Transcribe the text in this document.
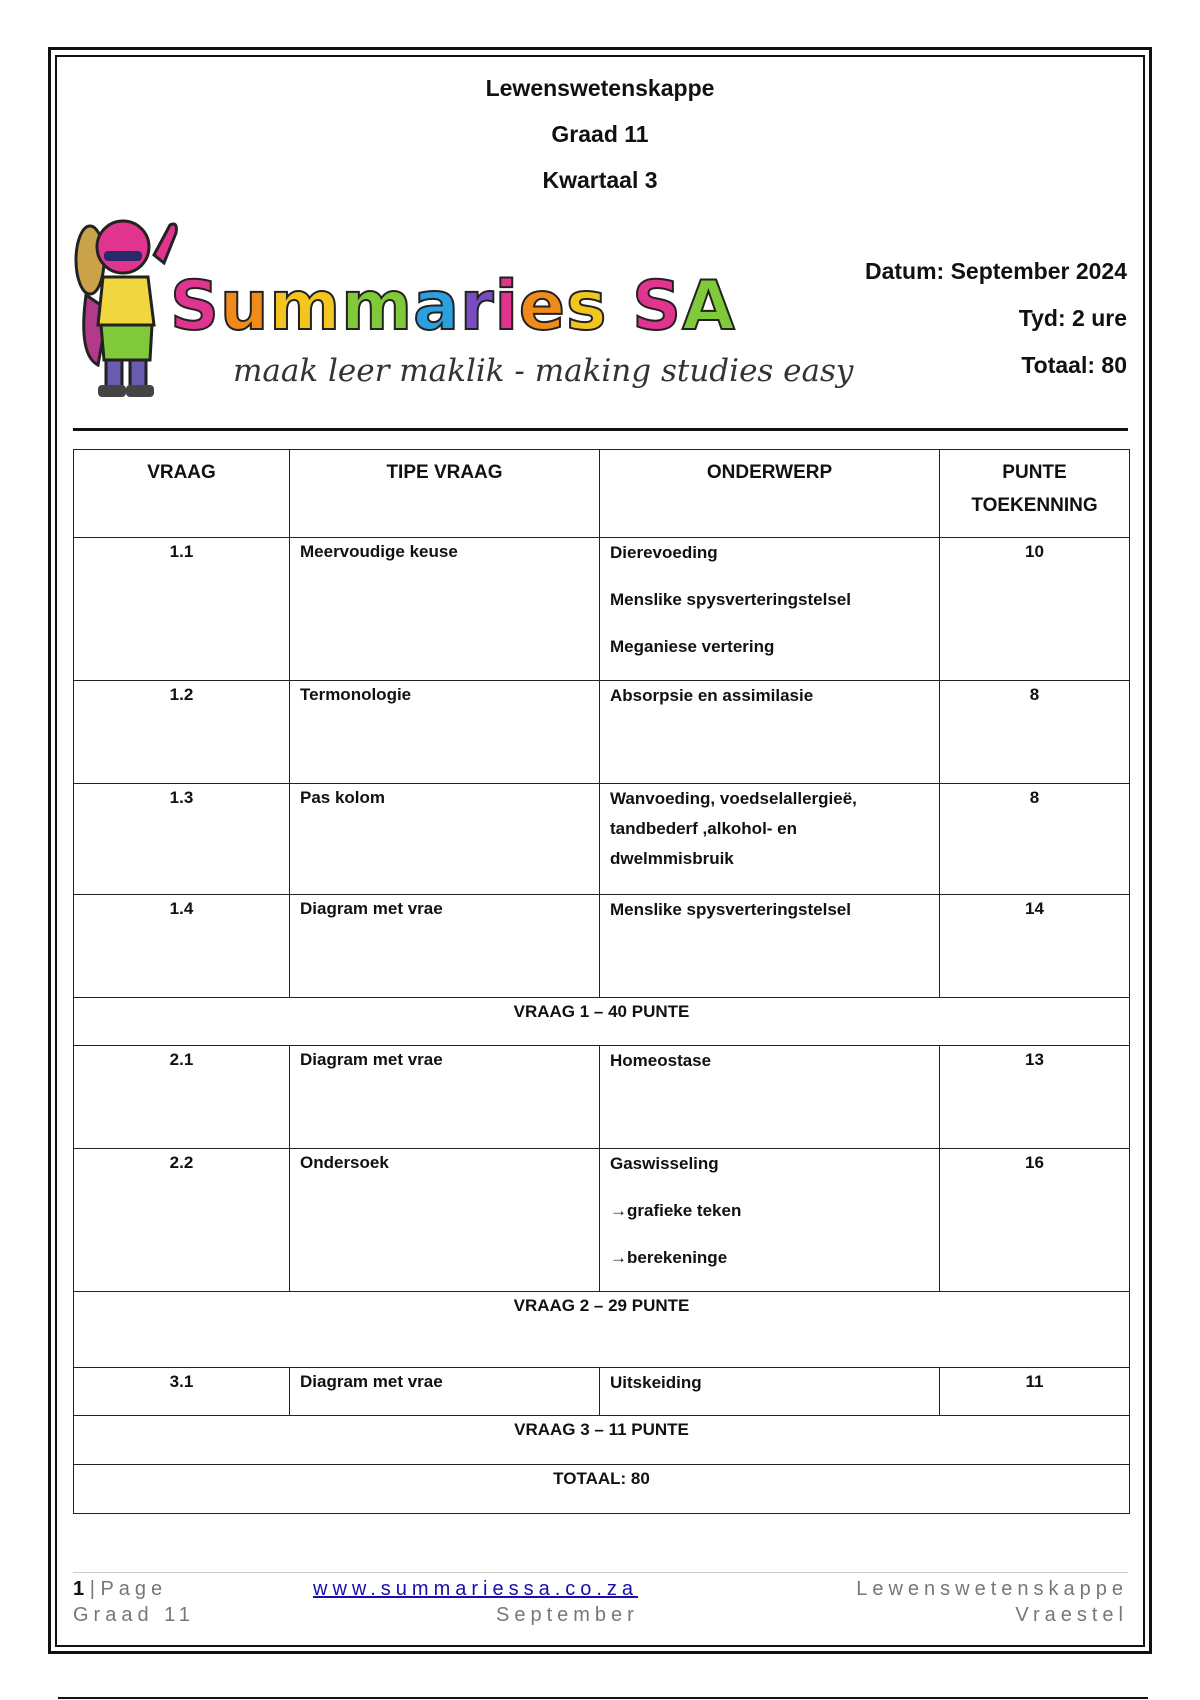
Lewenswetenskappe
Graad 11
Kwartaal 3
Summaries SA
maak leer maklik - making studies easy
Datum: September 2024
Tyd: 2 ure
Totaal: 80
VRAAG	TIPE VRAAG	ONDERWERP	PUNTE
TOEKENNING

1.1	Meervoudige keuse	Dierevoeding
Menslike spysverteringstelsel
Meganiese vertering	10

1.2	Termonologie	Absorpsie en assimilasie	8

1.3	Pas kolom	Wanvoeding, voedselallergieë,
tandbederf ,alkohol- en
dwelmmisbruik	8

1.4	Diagram met vrae	Menslike spysverteringstelsel	14

VRAAG 1 – 40 PUNTE			

2.1	Diagram met vrae	Homeostase	13

2.2	Ondersoek	Gaswisseling
→grafieke teken
→berekeninge	16

VRAAG 2 – 29 PUNTE			

3.1	Diagram met vrae	Uitskeiding	11

VRAAG 3 – 11 PUNTE			

TOTAAL: 80			
1 | Page	www.summariessa.co.za	Lewenswetenskappe
Graad 11	September	Vraestel
